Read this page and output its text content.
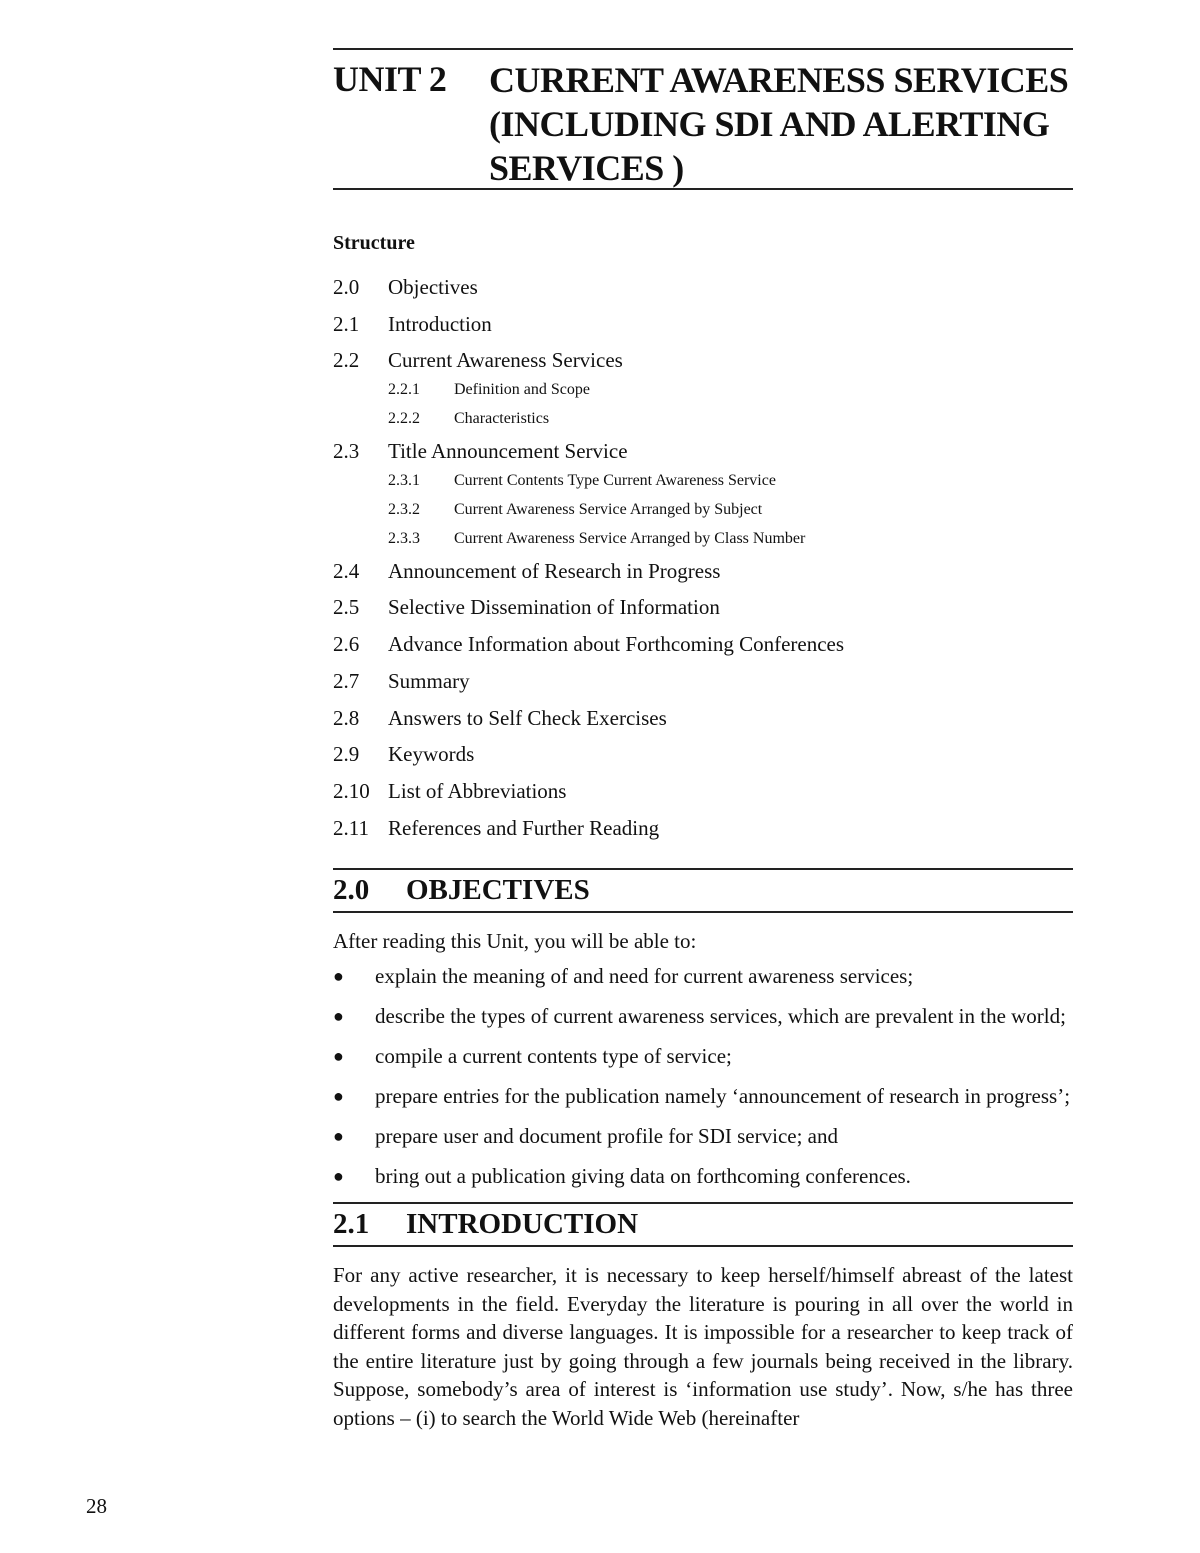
UNIT 2 CURRENT AWARENESS SERVICES (INCLUDING SDI AND ALERTING SERVICES )
Structure
2.0	Objectives
2.1	Introduction
2.2	Current Awareness Services
2.2.1	Definition and Scope
2.2.2	Characteristics
2.3	Title Announcement Service
2.3.1	Current Contents Type Current Awareness Service
2.3.2	Current Awareness Service Arranged by Subject
2.3.3	Current Awareness Service Arranged by Class Number
2.4	Announcement of Research in Progress
2.5	Selective Dissemination of Information
2.6	Advance Information about Forthcoming Conferences
2.7	Summary
2.8	Answers to Self Check Exercises
2.9	Keywords
2.10 List of Abbreviations
2.11 References and Further Reading
2.0	OBJECTIVES
After reading this Unit, you will be able to:
●	explain the meaning of and need for current awareness services;
●	describe the types of current awareness services, which are prevalent in the world;
●	compile a current contents type of service;
●	prepare entries for the publication namely ‘announcement of research in progress’;
●	prepare user and document profile for SDI service; and
●	bring out a publication giving data on forthcoming conferences.
2.1	INTRODUCTION
For any active researcher, it is necessary to keep herself/himself abreast of the latest developments in the field. Everyday the literature is pouring in all over the world in different forms and diverse languages. It is impossible for a researcher to keep track of the entire literature just by going through a few journals being received in the library. Suppose, somebody’s area of interest is ‘information use study’. Now, s/he has three options – (i) to search the World Wide Web (hereinafter
28
